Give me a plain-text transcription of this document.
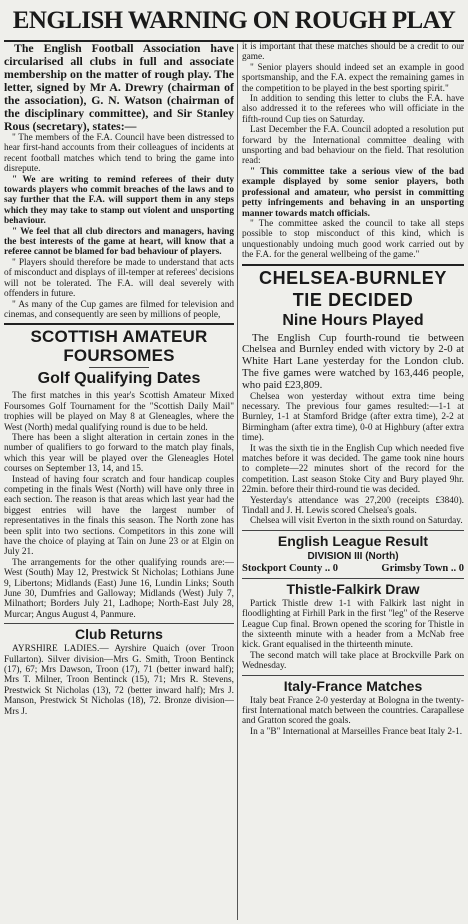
ENGLISH WARNING ON ROUGH PLAY

The English Football Association have circularised all clubs in full and associate membership on the matter of rough play. The letter, signed by Mr A. Drewry (chairman of the association), G. N. Watson (chairman of the disciplinary committee), and Sir Stanley Rous (secretary), states:—

" The members of the F.A. Council have been distressed to hear first-hand accounts from their colleagues of incidents at recent football matches which tend to bring the game into disrepute.

" We are writing to remind referees of their duty towards players who commit breaches of the laws and to say further that the F.A. will support them in any steps which they may take to stamp out violent and unsporting behaviour.

" We feel that all club directors and managers, having the best interests of the game at heart, will know that a referee cannot be blamed for bad behaviour of players.

" Players should therefore be made to understand that acts of misconduct and displays of ill-temper at referees' decisions will not be tolerated. The F.A. will deal severely with offenders in future.

" As many of the Cup games are filmed for television and cinemas, and consequently are seen by millions of people,

SCOTTISH AMATEUR FOURSOMES
Golf Qualifying Dates

The first matches in this year's Scottish Amateur Mixed Foursomes Golf Tournament for the "Scottish Daily Mail" trophies will be played on May 8 at Gleneagles, where the West (North) medal qualifying round is due to be held.

There has been a slight alteration in certain zones in the number of qualifiers to go forward to the match play finals, which this year will be played over the Gleneagles Hotel courses on September 13, 14, and 15.

Instead of having four scratch and four handicap couples competing in the finals West (North) will have only three in each section. The reason is that areas which last year had the biggest entries will have the largest number of representatives in the finals this season. The North zone has been split into two sections. Competitors in this zone will have the choice of playing at Tain on June 23 or at Elgin on July 21.

The arrangements for the other qualifying rounds are:—West (South) May 12, Prestwick St Nicholas; Lothians June 9, Libertons; Midlands (East) June 16, Lundin Links; South June 30, Dumfries and Galloway; Midlands (West) July 7, Milnathort; Borders July 21, Ladhope; North-East July 28, Murcar; Angus August 4, Panmure.

Club Returns

AYRSHIRE LADIES.— Ayrshire Quaich (over Troon Fullarton). Silver division—Mrs G. Smith, Troon Bentinck (17), 67; Mrs Dawson, Troon (17), 71 (better inward half); Mrs T. Milner, Troon Bentinck (15), 71; Mrs R. Stevens, Prestwick St Nicholas (13), 72 (better inward half); Mrs J. Manson, Prestwick St Nicholas (18), 72. Bronze division—Mrs J.

it is important that these matches should be a credit to our game.

" Senior players should indeed set an example in good sportsmanship, and the F.A. expect the remaining games in the competition to be played in the best sporting spirit."

In addition to sending this letter to clubs the F.A. have also addressed it to the referees who will officiate in the fifth-round Cup ties on Saturday.

Last December the F.A. Council adopted a resolution put forward by the International committee dealing with unsporting and bad behaviour on the field. That resolution read:

" This committee take a serious view of the bad example displayed by some senior players, both professional and amateur, who persist in committing petty infringements and behaving in an unsporting manner towards match officials.

" The committee asked the council to take all steps possible to stop misconduct of this kind, which is unquestionably undoing much good work carried out by the F.A. for the general wellbeing of the game."

CHELSEA-BURNLEY
TIE DECIDED
Nine Hours Played

The English Cup fourth-round tie between Chelsea and Burnley ended with victory by 2-0 at White Hart Lane yesterday for the London club. The five games were watched by 163,446 people, who paid £23,809.

Chelsea won yesterday without extra time being necessary. The previous four games resulted:—1-1 at Burnley, 1-1 at Stamford Bridge (after extra time), 2-2 at Birmingham (after extra time), 0-0 at Highbury (after extra time).

It was the sixth tie in the English Cup which needed five matches before it was decided. The game took nine hours to complete—22 minutes short of the record for the competition. Last season Stoke City and Bury played 9hr. 22min. before their third-round tie was decided.

Yesterday's attendance was 27,200 (receipts £3840). Tindall and J. H. Lewis scored Chelsea's goals.

Chelsea will visit Everton in the sixth round on Saturday.

English League Result
DIVISION III (North)
Stockport County .. 0	Grimsby Town .. 0
Thistle-Falkirk Draw

Partick Thistle drew 1-1 with Falkirk last night in floodlighting at Firhill Park in the first "leg" of the Reserve League Cup final. Brown opened the scoring for Thistle in the sixteenth minute with a header from a McNab free kick. Grant equalised in the thirteenth minute.

The second match will take place at Brockville Park on Wednesday.

Italy-France Matches

Italy beat France 2-0 yesterday at Bologna in the twenty-first International match between the countries. Carapallese and Gratton scored the goals.

In a "B" International at Marseilles France beat Italy 2-1.
